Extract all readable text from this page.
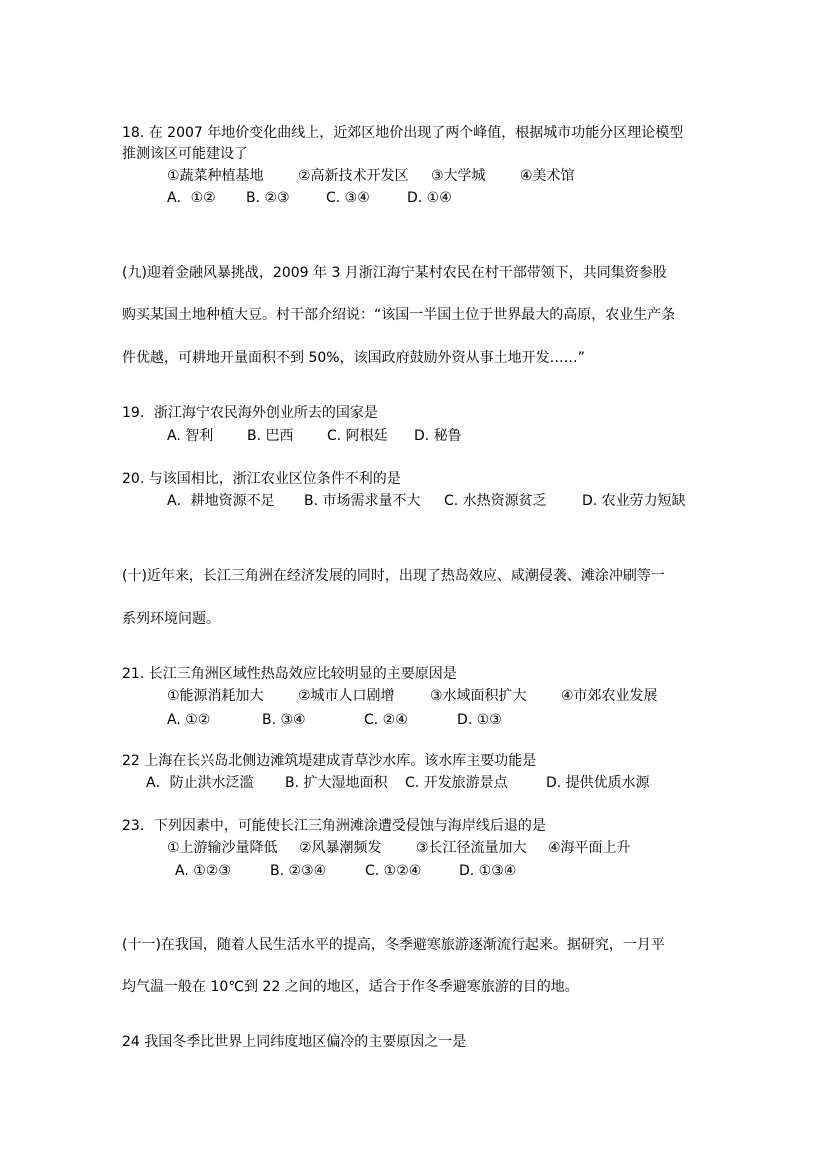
18. 在 2007 年地价变化曲线上，近郊区地价出现了两个峰值，根据城市功能分区理论模型
推测该区可能建设了
①蔬菜种植基地 ②高新技术开发区 ③大学城 ④美术馆
A．①② B. ②③	C. ③④	D. ①④
(九)迎着金融风暴挑战，2009 年 3 月浙江海宁某村农民在村干部带领下，共同集资参股
购买某国土地种植大豆。村干部介绍说：“该国一半国土位于世界最大的高原，农业生产条
件优越，可耕地开量面积不到 50%，该国政府鼓励外资从事土地开发……”
19．浙江海宁农民海外创业所去的国家是
A. 智利 B. 巴西 C. 阿根廷 D. 秘鲁
20. 与该国相比，浙江农业区位条件不利的是
A．耕地资源不足 B. 市场需求量不大 C. 水热资源贫乏	D. 农业劳力短缺
(十)近年来，长江三角洲在经济发展的同时，出现了热岛效应、咸潮侵袭、滩涂冲刷等一
系列环境问题。
21. 长江三角洲区域性热岛效应比较明显的主要原因是
①能源消耗加大 ②城市人口剧增	③水域面积扩大 ④市郊农业发展
A. ①②	B. ③④	C. ②④	D. ①③
22 上海在长兴岛北侧边滩筑堤建成青草沙水库。该水库主要功能是
A．防止洪水泛滥 B. 扩大湿地面积 C. 开发旅游景点	D. 提供优质水源
23．下列因素中，可能使长江三角洲滩涂遭受侵蚀与海岸线后退的是
①上游输沙量降低 ②风暴潮频发 ③长江径流量加大 ④海平面上升
A. ①②③	B. ②③④	C. ①②④	D. ①③④
(十一)在我国，随着人民生活水平的提高，冬季避寒旅游逐渐流行起来。据研究，一月平
均气温一般在 10℃到 22 之间的地区，适合于作冬季避寒旅游的目的地。
24 我国冬季比世界上同纬度地区偏冷的主要原因之一是
